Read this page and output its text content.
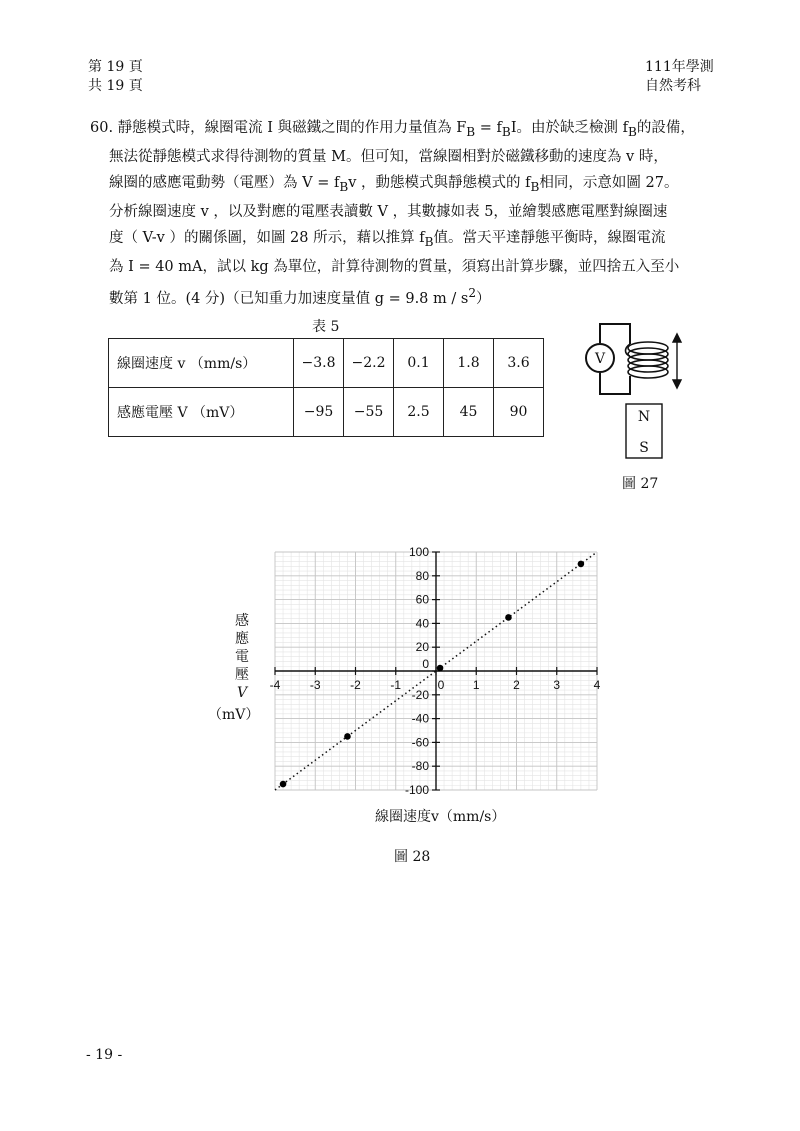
第 19 頁
共 19 頁
111年學測
自然考科
60. 靜態模式時，線圈電流 I 與磁鐵之間的作用力量值為 $F_B = f_BI$。由於缺乏檢測 $f_B$的設備，
無法從靜態模式求得待測物的質量 M。但可知，當線圈相對於磁鐵移動的速度為 v 時，
線圈的感應電動勢（電壓）為 $V = f_Bv$ ，動態模式與靜態模式的 $f_B$相同，示意如圖 27。
分析線圈速度 v ，以及對應的電壓表讀數 V ，其數據如表 5，並繪製感應電壓對線圈速
度（ V-v ）的關係圖，如圖 28 所示，藉以推算 $f_B$值。當天平達靜態平衡時，線圈電流
為 I = 40 mA，試以 kg 為單位，計算待測物的質量，須寫出計算步驟，並四捨五入至小
數第 1 位。(4 分)（已知重力加速度量值 g = 9.8 m / $s^2$）
表 5
線圈速度 v （mm/s）	−3.8	−2.2	0.1	1.8	3.6
感應電壓 V （mV）	−95	−55	2.5	45	90
V
N
S
圖 27
-4 -3 -2 -1	0 1	2	3	4
100
80
60
40
20
-20
-40
-60
-80
-100
0
感
應
電
壓
V
（mV）
線圈速度v（mm/s）
圖 28
- 19 -
